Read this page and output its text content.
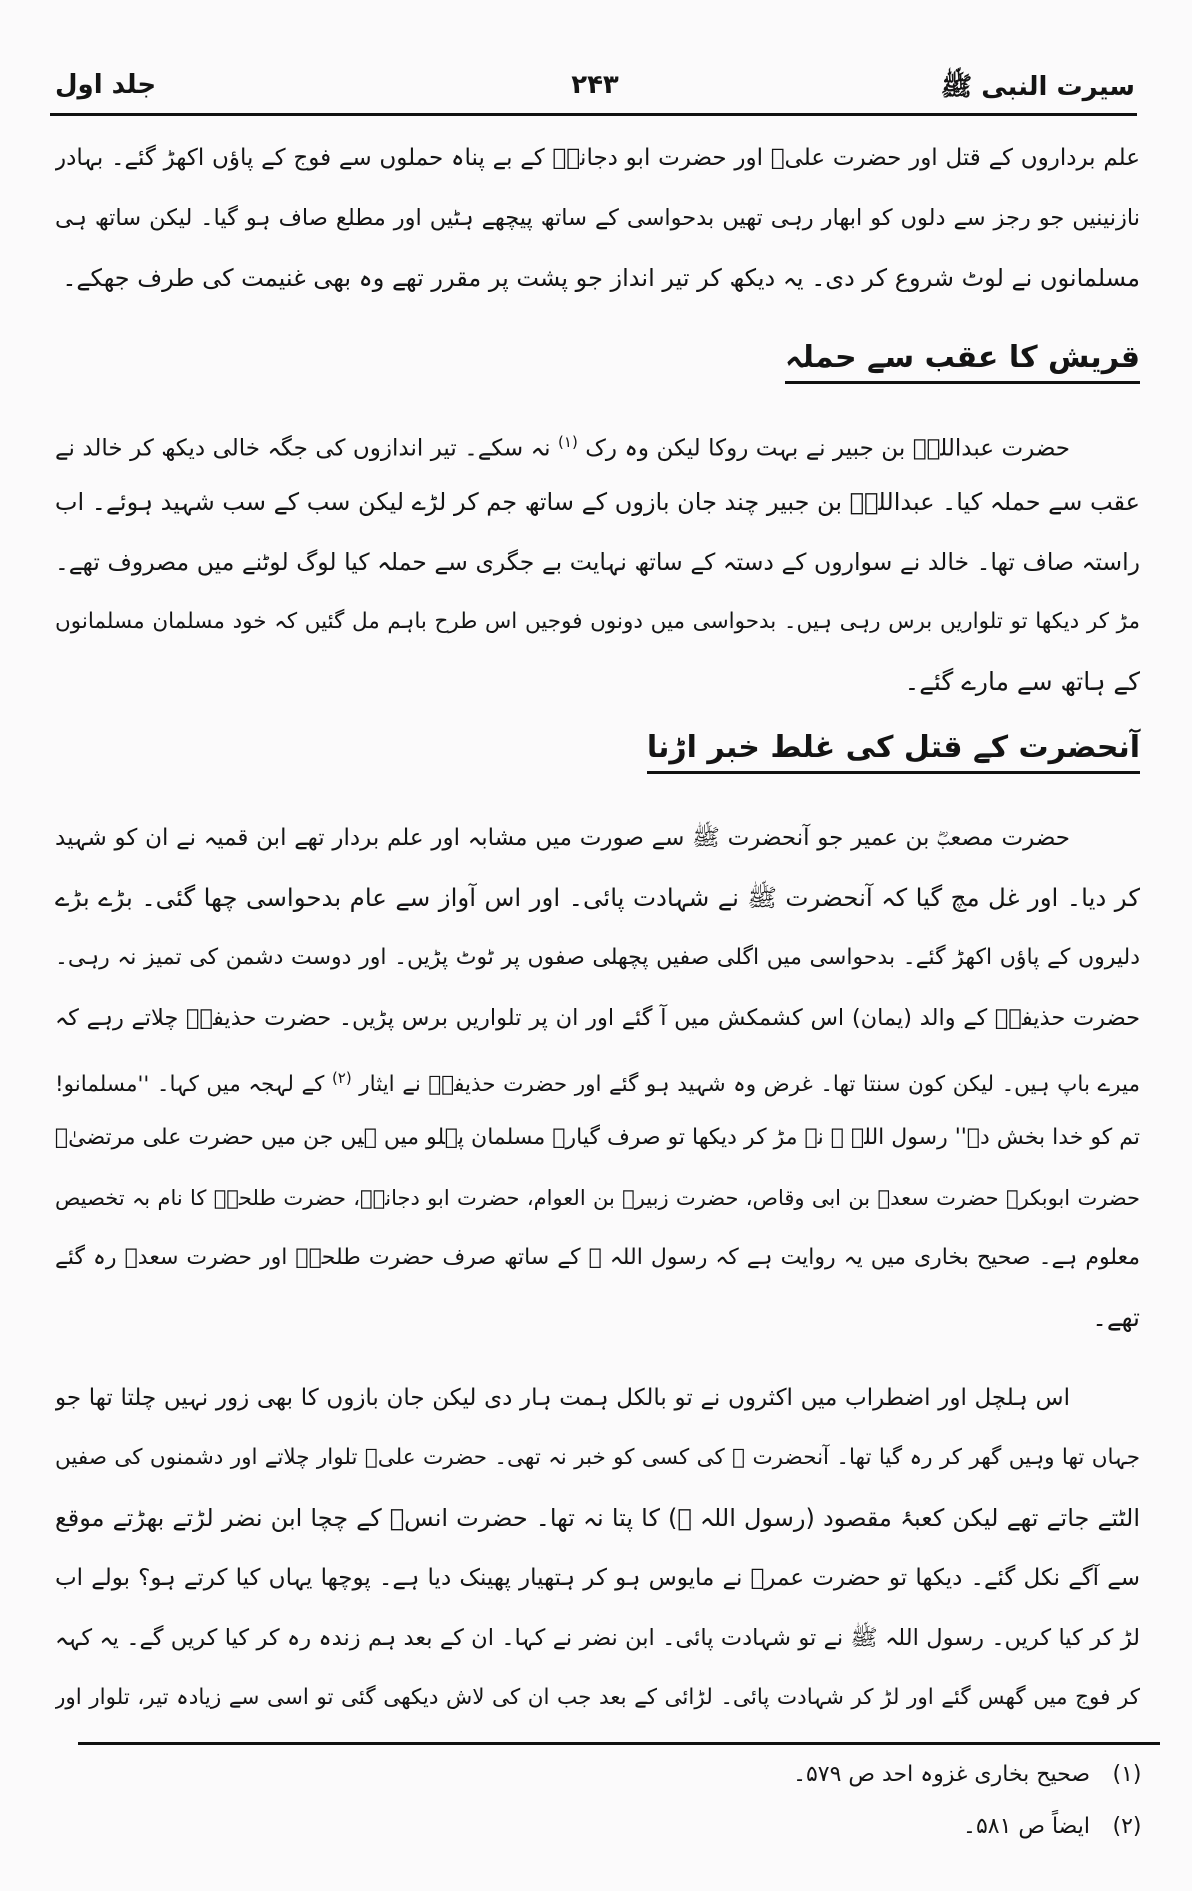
سیرت النبی ﷺ
۲۴۳
جلد اول
علم برداروں کے قتل اور حضرت علیؓ اور حضرت ابو دجانہؓ کے بے پناہ حملوں سے فوج کے پاؤں اکھڑ گئے۔ بہادر
نازنینیں جو رجز سے دلوں کو ابھار رہی تھیں بدحواسی کے ساتھ پیچھے ہٹیں اور مطلع صاف ہو گیا۔ لیکن ساتھ ہی
مسلمانوں نے لوٹ شروع کر دی۔ یہ دیکھ کر تیر انداز جو پشت پر مقرر تھے وہ بھی غنیمت کی طرف جھکے۔
قریش کا عقب سے حملہ
حضرت عبداللہؓ بن جبیر نے بہت روکا لیکن وہ رک $^{(۱)}$ نہ سکے۔ تیر اندازوں کی جگہ خالی دیکھ کر خالد نے
عقب سے حملہ کیا۔ عبداللہؓ بن جبیر چند جان بازوں کے ساتھ جم کر لڑے لیکن سب کے سب شہید ہوئے۔ اب
راستہ صاف تھا۔ خالد نے سواروں کے دستہ کے ساتھ نہایت بے جگری سے حملہ کیا لوگ لوٹنے میں مصروف تھے۔
مڑ کر دیکھا تو تلواریں برس رہی ہیں۔ بدحواسی میں دونوں فوجیں اس طرح باہم مل گئیں کہ خود مسلمان مسلمانوں
کے ہاتھ سے مارے گئے۔
آنحضرت کے قتل کی غلط خبر اڑنا
حضرت مصعبؓ بن عمیر جو آنحضرت ﷺ سے صورت میں مشابہ اور علم بردار تھے ابن قمیہ نے ان کو شہید
کر دیا۔ اور غل مچ گیا کہ آنحضرت ﷺ نے شہادت پائی۔ اور اس آواز سے عام بدحواسی چھا گئی۔ بڑے بڑے
دلیروں کے پاؤں اکھڑ گئے۔ بدحواسی میں اگلی صفیں پچھلی صفوں پر ٹوٹ پڑیں۔ اور دوست دشمن کی تمیز نہ رہی۔
حضرت حذیفہؓ کے والد (یمان) اس کشمکش میں آ گئے اور ان پر تلواریں برس پڑیں۔ حضرت حذیفہؓ چلاتے رہے کہ
میرے باپ ہیں۔ لیکن کون سنتا تھا۔ غرض وہ شہید ہو گئے اور حضرت حذیفہؓ نے ایثار $^{(۲)}$ کے لہجہ میں کہا۔ ''مسلمانو!
تم کو خدا بخش دے'' رسول اللہ ﷺ نے مڑ کر دیکھا تو صرف گیارہ مسلمان پہلو میں ہیں جن میں حضرت علی مرتضیٰؓ
حضرت ابوبکرؓ حضرت سعدؓ بن ابی وقاص، حضرت زبیرؓ بن العوام، حضرت ابو دجانہؓ، حضرت طلحہؓ کا نام بہ تخصیص
معلوم ہے۔ صحیح بخاری میں یہ روایت ہے کہ رسول اللہ ﷺ کے ساتھ صرف حضرت طلحہؓ اور حضرت سعدؓ رہ گئے
تھے۔
اس ہلچل اور اضطراب میں اکثروں نے تو بالکل ہمت ہار دی لیکن جان بازوں کا بھی زور نہیں چلتا تھا جو
جہاں تھا وہیں گھر کر رہ گیا تھا۔ آنحضرت ﷺ کی کسی کو خبر نہ تھی۔ حضرت علیؓ تلوار چلاتے اور دشمنوں کی صفیں
الٹتے جاتے تھے لیکن کعبۂ مقصود (رسول اللہ ﷺ) کا پتا نہ تھا۔ حضرت انسؓ کے چچا ابن نضر لڑتے بھڑتے موقع
سے آگے نکل گئے۔ دیکھا تو حضرت عمرؓ نے مایوس ہو کر ہتھیار پھینک دیا ہے۔ پوچھا یہاں کیا کرتے ہو؟ بولے اب
لڑ کر کیا کریں۔ رسول اللہ ﷺ نے تو شہادت پائی۔ ابن نضر نے کہا۔ ان کے بعد ہم زندہ رہ کر کیا کریں گے۔ یہ کہہ
کر فوج میں گھس گئے اور لڑ کر شہادت پائی۔ لڑائی کے بعد جب ان کی لاش دیکھی گئی تو اسی سے زیادہ تیر، تلوار اور
(۱) صحیح بخاری غزوہ احد ص ۵۷۹۔
(۲) ایضاً ص ۵۸۱۔
